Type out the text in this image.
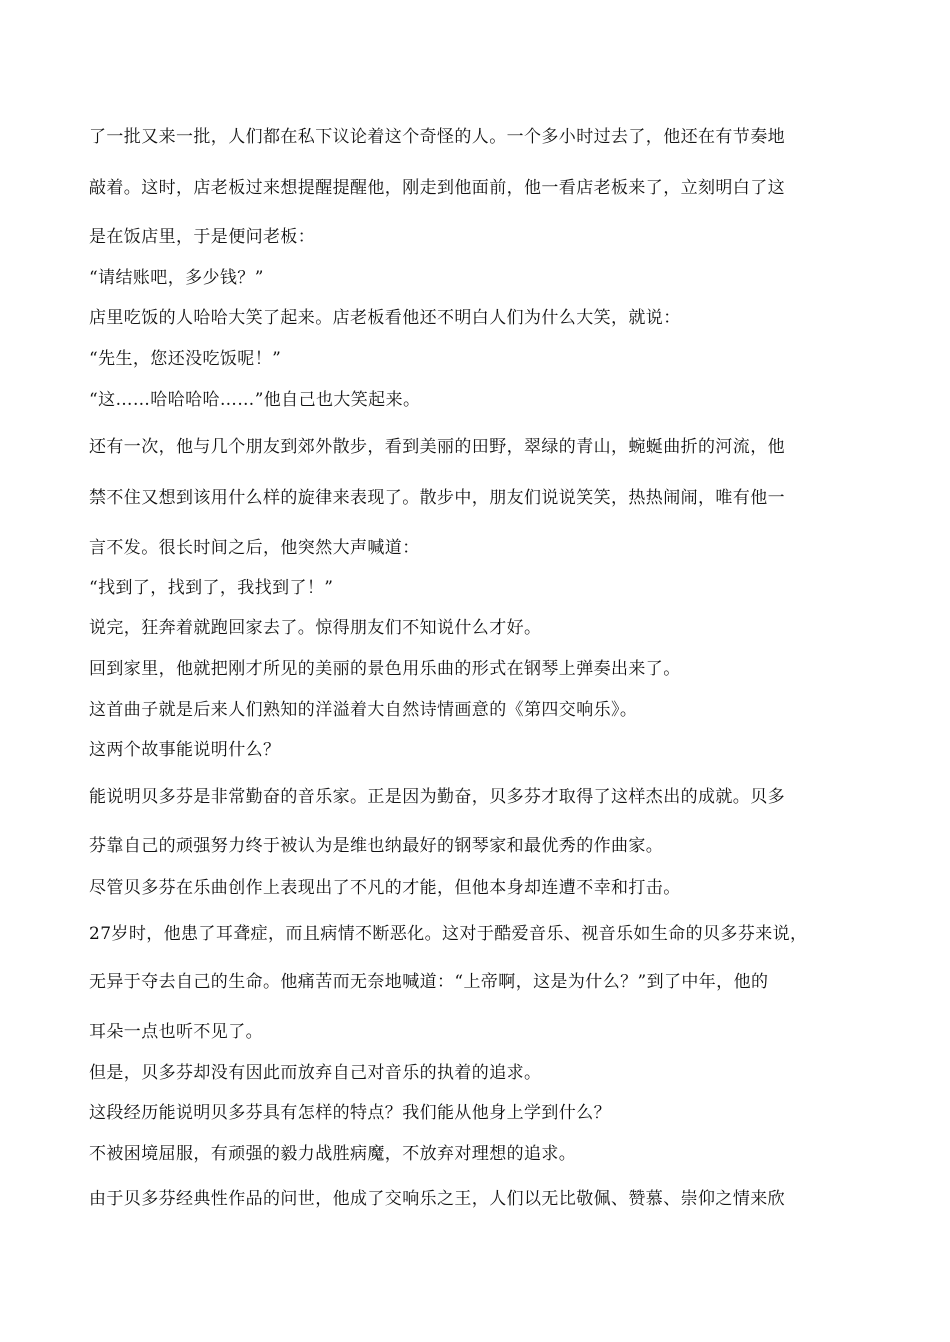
了一批又来一批，人们都在私下议论着这个奇怪的人。一个多小时过去了，他还在有节奏地
敲着。这时，店老板过来想提醒提醒他，刚走到他面前，他一看店老板来了，立刻明白了这
是在饭店里，于是便问老板：
“请结账吧，多少钱？”
店里吃饭的人哈哈大笑了起来。店老板看他还不明白人们为什么大笑，就说：
“先生，您还没吃饭呢！”
“这……哈哈哈哈……”他自己也大笑起来。
还有一次，他与几个朋友到郊外散步，看到美丽的田野，翠绿的青山，蜿蜒曲折的河流，他
禁不住又想到该用什么样的旋律来表现了。散步中，朋友们说说笑笑，热热闹闹，唯有他一
言不发。很长时间之后，他突然大声喊道：
“找到了，找到了，我找到了！”
说完，狂奔着就跑回家去了。惊得朋友们不知说什么才好。
回到家里，他就把刚才所见的美丽的景色用乐曲的形式在钢琴上弹奏出来了。
这首曲子就是后来人们熟知的洋溢着大自然诗情画意的《第四交响乐》。
这两个故事能说明什么？
能说明贝多芬是非常勤奋的音乐家。正是因为勤奋，贝多芬才取得了这样杰出的成就。贝多
芬靠自己的顽强努力终于被认为是维也纳最好的钢琴家和最优秀的作曲家。
尽管贝多芬在乐曲创作上表现出了不凡的才能，但他本身却连遭不幸和打击。
27岁时，他患了耳聋症，而且病情不断恶化。这对于酷爱音乐、视音乐如生命的贝多芬来说，
无异于夺去自己的生命。他痛苦而无奈地喊道：“上帝啊，这是为什么？”到了中年，他的
耳朵一点也听不见了。
但是，贝多芬却没有因此而放弃自己对音乐的执着的追求。
这段经历能说明贝多芬具有怎样的特点？我们能从他身上学到什么？
不被困境屈服，有顽强的毅力战胜病魔，不放弃对理想的追求。
由于贝多芬经典性作品的问世，他成了交响乐之王，人们以无比敬佩、赞慕、崇仰之情来欣
